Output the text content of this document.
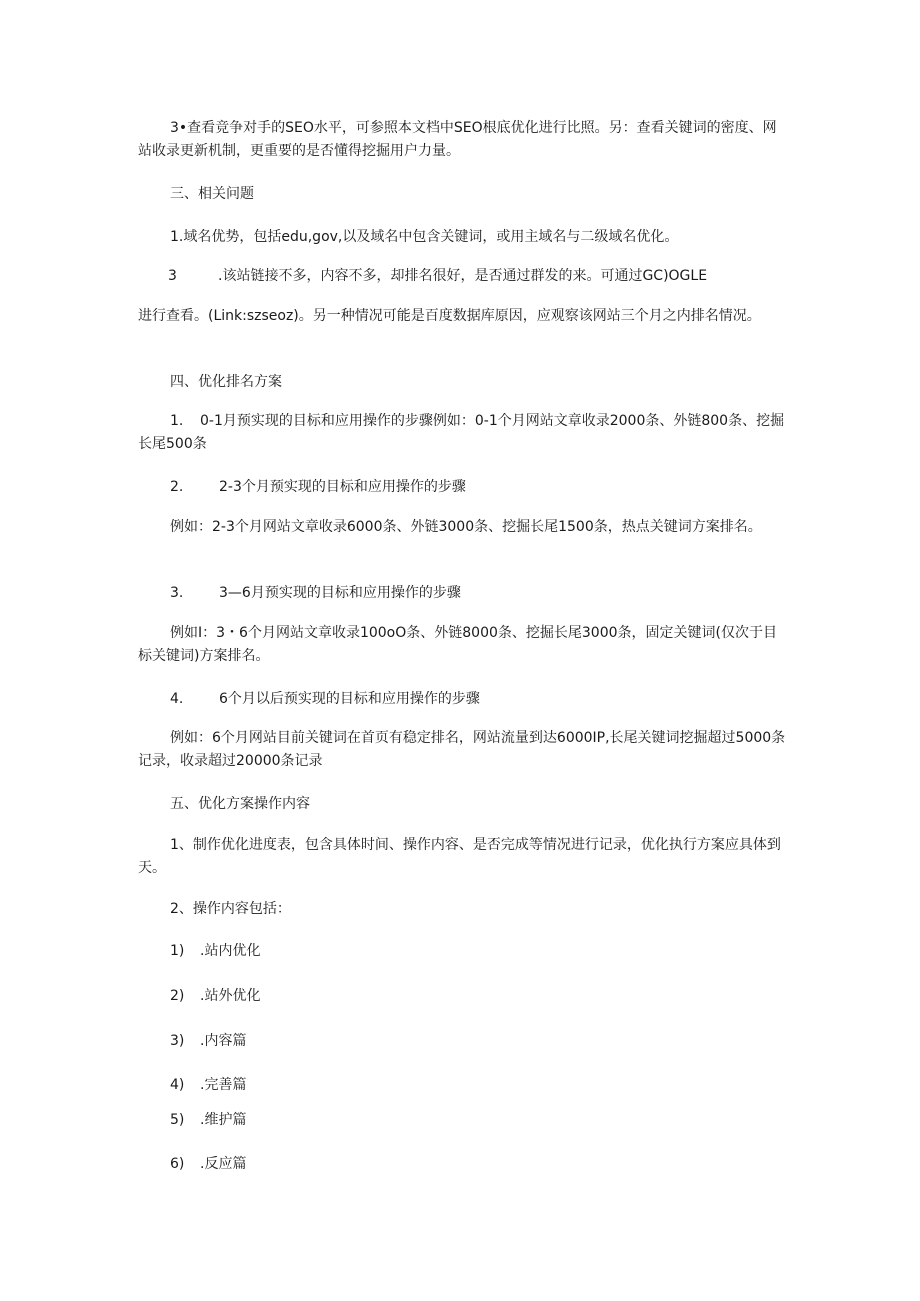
3•查看竞争对手的SEO水平，可参照本文档中SEO根底优化进行比照。另：查看关键词的密度、网站收录更新机制，更重要的是否懂得挖掘用户力量。

三、相关问题

1.域名优势，包括edu,gov,以及域名中包含关键词，或用主域名与二级域名优化。

3	.该站链接不多，内容不多，却排名很好，是否通过群发的来。可通过GC)OGLE

进行查看。(Link:szseoz)。另一种情况可能是百度数据库原因，应观察该网站三个月之内排名情况。

四、优化排名方案

1. 0-1月预实现的目标和应用操作的步骤例如：0-1个月网站文章收录2000条、外链800条、挖掘长尾500条

2.	2-3个月预实现的目标和应用操作的步骤

例如：2-3个月网站文章收录6000条、外链3000条、挖掘长尾1500条，热点关键词方案排名。

3.	3—6月预实现的目标和应用操作的步骤

例如I：3・6个月网站文章收录100oO条、外链8000条、挖掘长尾3000条，固定关键词(仅次于目标关键词)方案排名。

4.	6个月以后预实现的目标和应用操作的步骤

例如：6个月网站目前关键词在首页有稳定排名，网站流量到达6000IP,长尾关键词挖掘超过5000条记录，收录超过20000条记录

五、优化方案操作内容

1、制作优化进度表，包含具体时间、操作内容、是否完成等情况进行记录，优化执行方案应具体到天。

2、操作内容包括：

1) .站内优化

2) .站外优化

3) .内容篇

4) .完善篇

5) .维护篇

6) .反应篇
